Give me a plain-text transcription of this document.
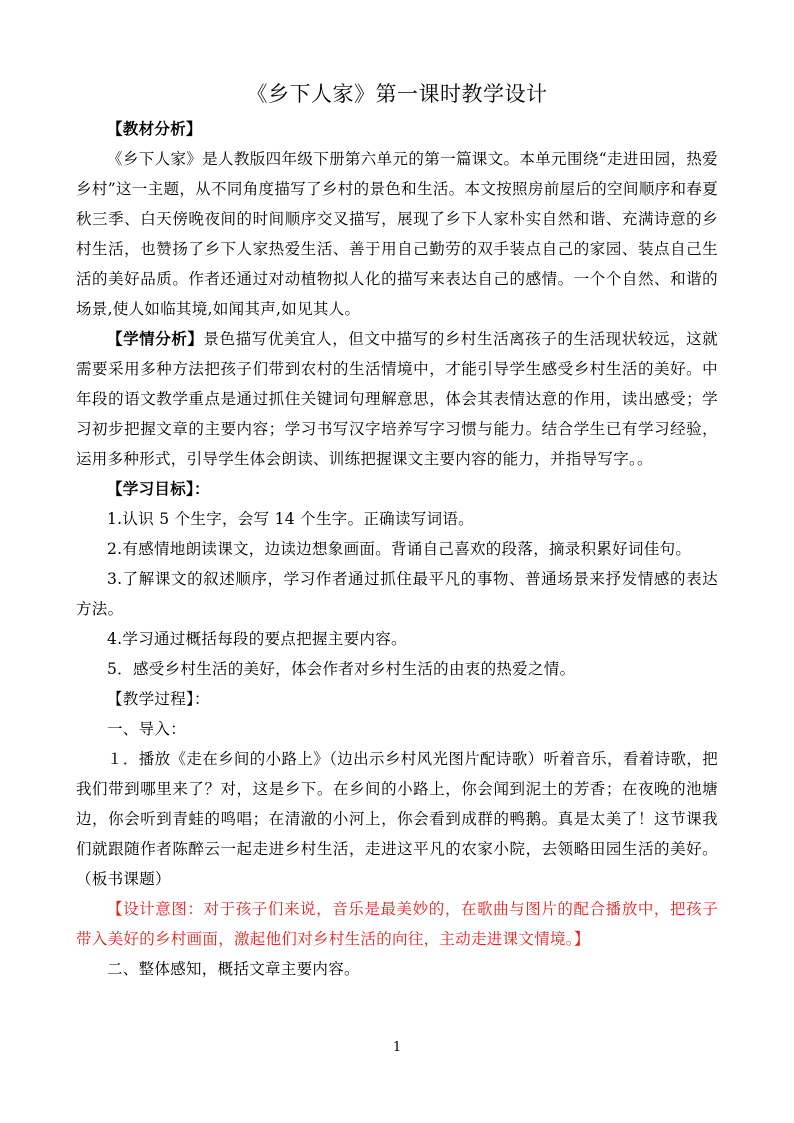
《乡下人家》第一课时教学设计

【教材分析】

《乡下人家》是人教版四年级下册第六单元的第一篇课文。本单元围绕“走进田园，热爱乡村”这一主题，从不同角度描写了乡村的景色和生活。本文按照房前屋后的空间顺序和春夏秋三季、白天傍晚夜间的时间顺序交叉描写，展现了乡下人家朴实自然和谐、充满诗意的乡村生活，也赞扬了乡下人家热爱生活、善于用自己勤劳的双手装点自己的家园、装点自己生活的美好品质。作者还通过对动植物拟人化的描写来表达自己的感情。一个个自然、和谐的场景,使人如临其境,如闻其声,如见其人。

【学情分析】景色描写优美宜人，但文中描写的乡村生活离孩子的生活现状较远，这就需要采用多种方法把孩子们带到农村的生活情境中，才能引导学生感受乡村生活的美好。中年段的语文教学重点是通过抓住关键词句理解意思，体会其表情达意的作用，读出感受；学习初步把握文章的主要内容；学习书写汉字培养写字习惯与能力。结合学生已有学习经验，运用多种形式，引导学生体会朗读、训练把握课文主要内容的能力，并指导写字。。

【学习目标】：

1.认识 5 个生字，会写 14 个生字。正确读写词语。

2.有感情地朗读课文，边读边想象画面。背诵自己喜欢的段落，摘录积累好词佳句。

3.了解课文的叙述顺序，学习作者通过抓住最平凡的事物、普通场景来抒发情感的表达方法。

4.学习通过概括每段的要点把握主要内容。

5．感受乡村生活的美好，体会作者对乡村生活的由衷的热爱之情。

【教学过程】：

一、导入：

１．播放《走在乡间的小路上》（边出示乡村风光图片配诗歌）听着音乐，看着诗歌，把我们带到哪里来了？对，这是乡下。在乡间的小路上，你会闻到泥土的芳香；在夜晚的池塘边，你会听到青蛙的鸣唱；在清澈的小河上，你会看到成群的鸭鹅。真是太美了！这节课我们就跟随作者陈醉云一起走进乡村生活，走进这平凡的农家小院，去领略田园生活的美好。（板书课题）

【设计意图：对于孩子们来说，音乐是最美妙的，在歌曲与图片的配合播放中，把孩子带入美好的乡村画面，激起他们对乡村生活的向往，主动走进课文情境。】

二、整体感知，概括文章主要内容。

1
